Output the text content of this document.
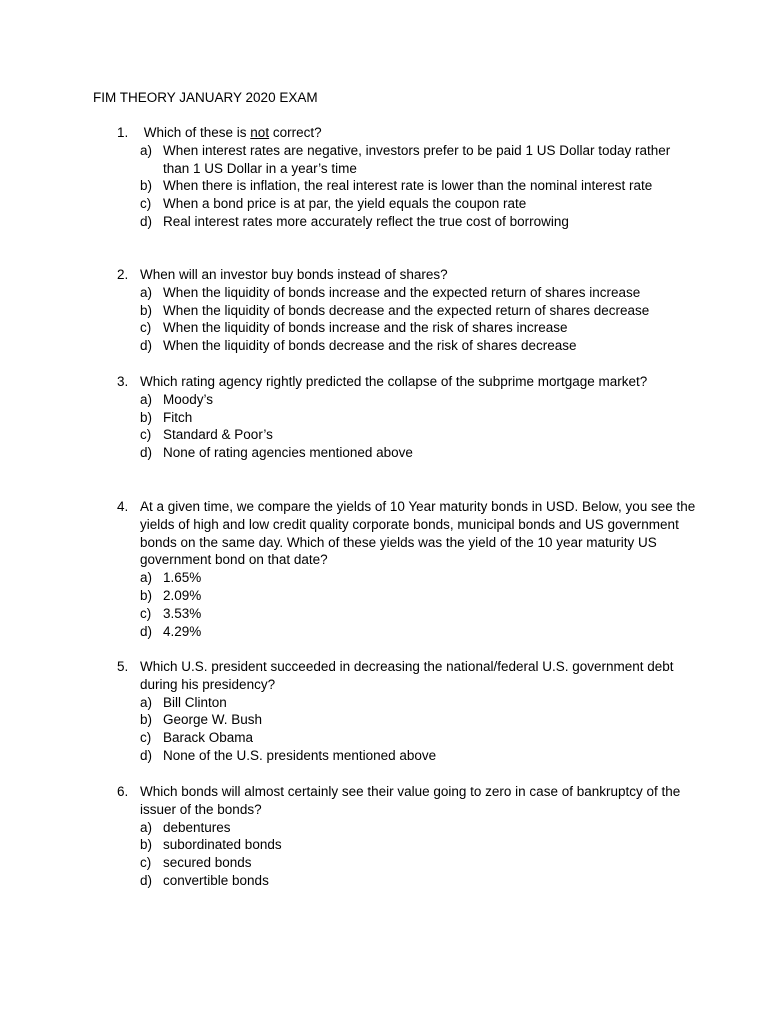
FIM THEORY JANUARY 2020 EXAM
1. Which of these is not correct?
a) When interest rates are negative, investors prefer to be paid 1 US Dollar today rather than 1 US Dollar in a year’s time
b) When there is inflation, the real interest rate is lower than the nominal interest rate
c) When a bond price is at par, the yield equals the coupon rate
d) Real interest rates more accurately reflect the true cost of borrowing
2. When will an investor buy bonds instead of shares?
a) When the liquidity of bonds increase and the expected return of shares increase
b) When the liquidity of bonds decrease and the expected return of shares decrease
c) When the liquidity of bonds increase and the risk of shares increase
d) When the liquidity of bonds decrease and the risk of shares decrease
3. Which rating agency rightly predicted the collapse of the subprime mortgage market?
a) Moody’s
b) Fitch
c) Standard & Poor’s
d) None of rating agencies mentioned above
4. At a given time, we compare the yields of 10 Year maturity bonds in USD. Below, you see the yields of high and low credit quality corporate bonds, municipal bonds and US government bonds on the same day. Which of these yields was the yield of the 10 year maturity US government bond on that date?
a) 1.65%
b) 2.09%
c) 3.53%
d) 4.29%
5. Which U.S. president succeeded in decreasing the national/federal U.S. government debt during his presidency?
a) Bill Clinton
b) George W. Bush
c) Barack Obama
d) None of the U.S. presidents mentioned above
6. Which bonds will almost certainly see their value going to zero in case of bankruptcy of the issuer of the bonds?
a) debentures
b) subordinated bonds
c) secured bonds
d) convertible bonds
